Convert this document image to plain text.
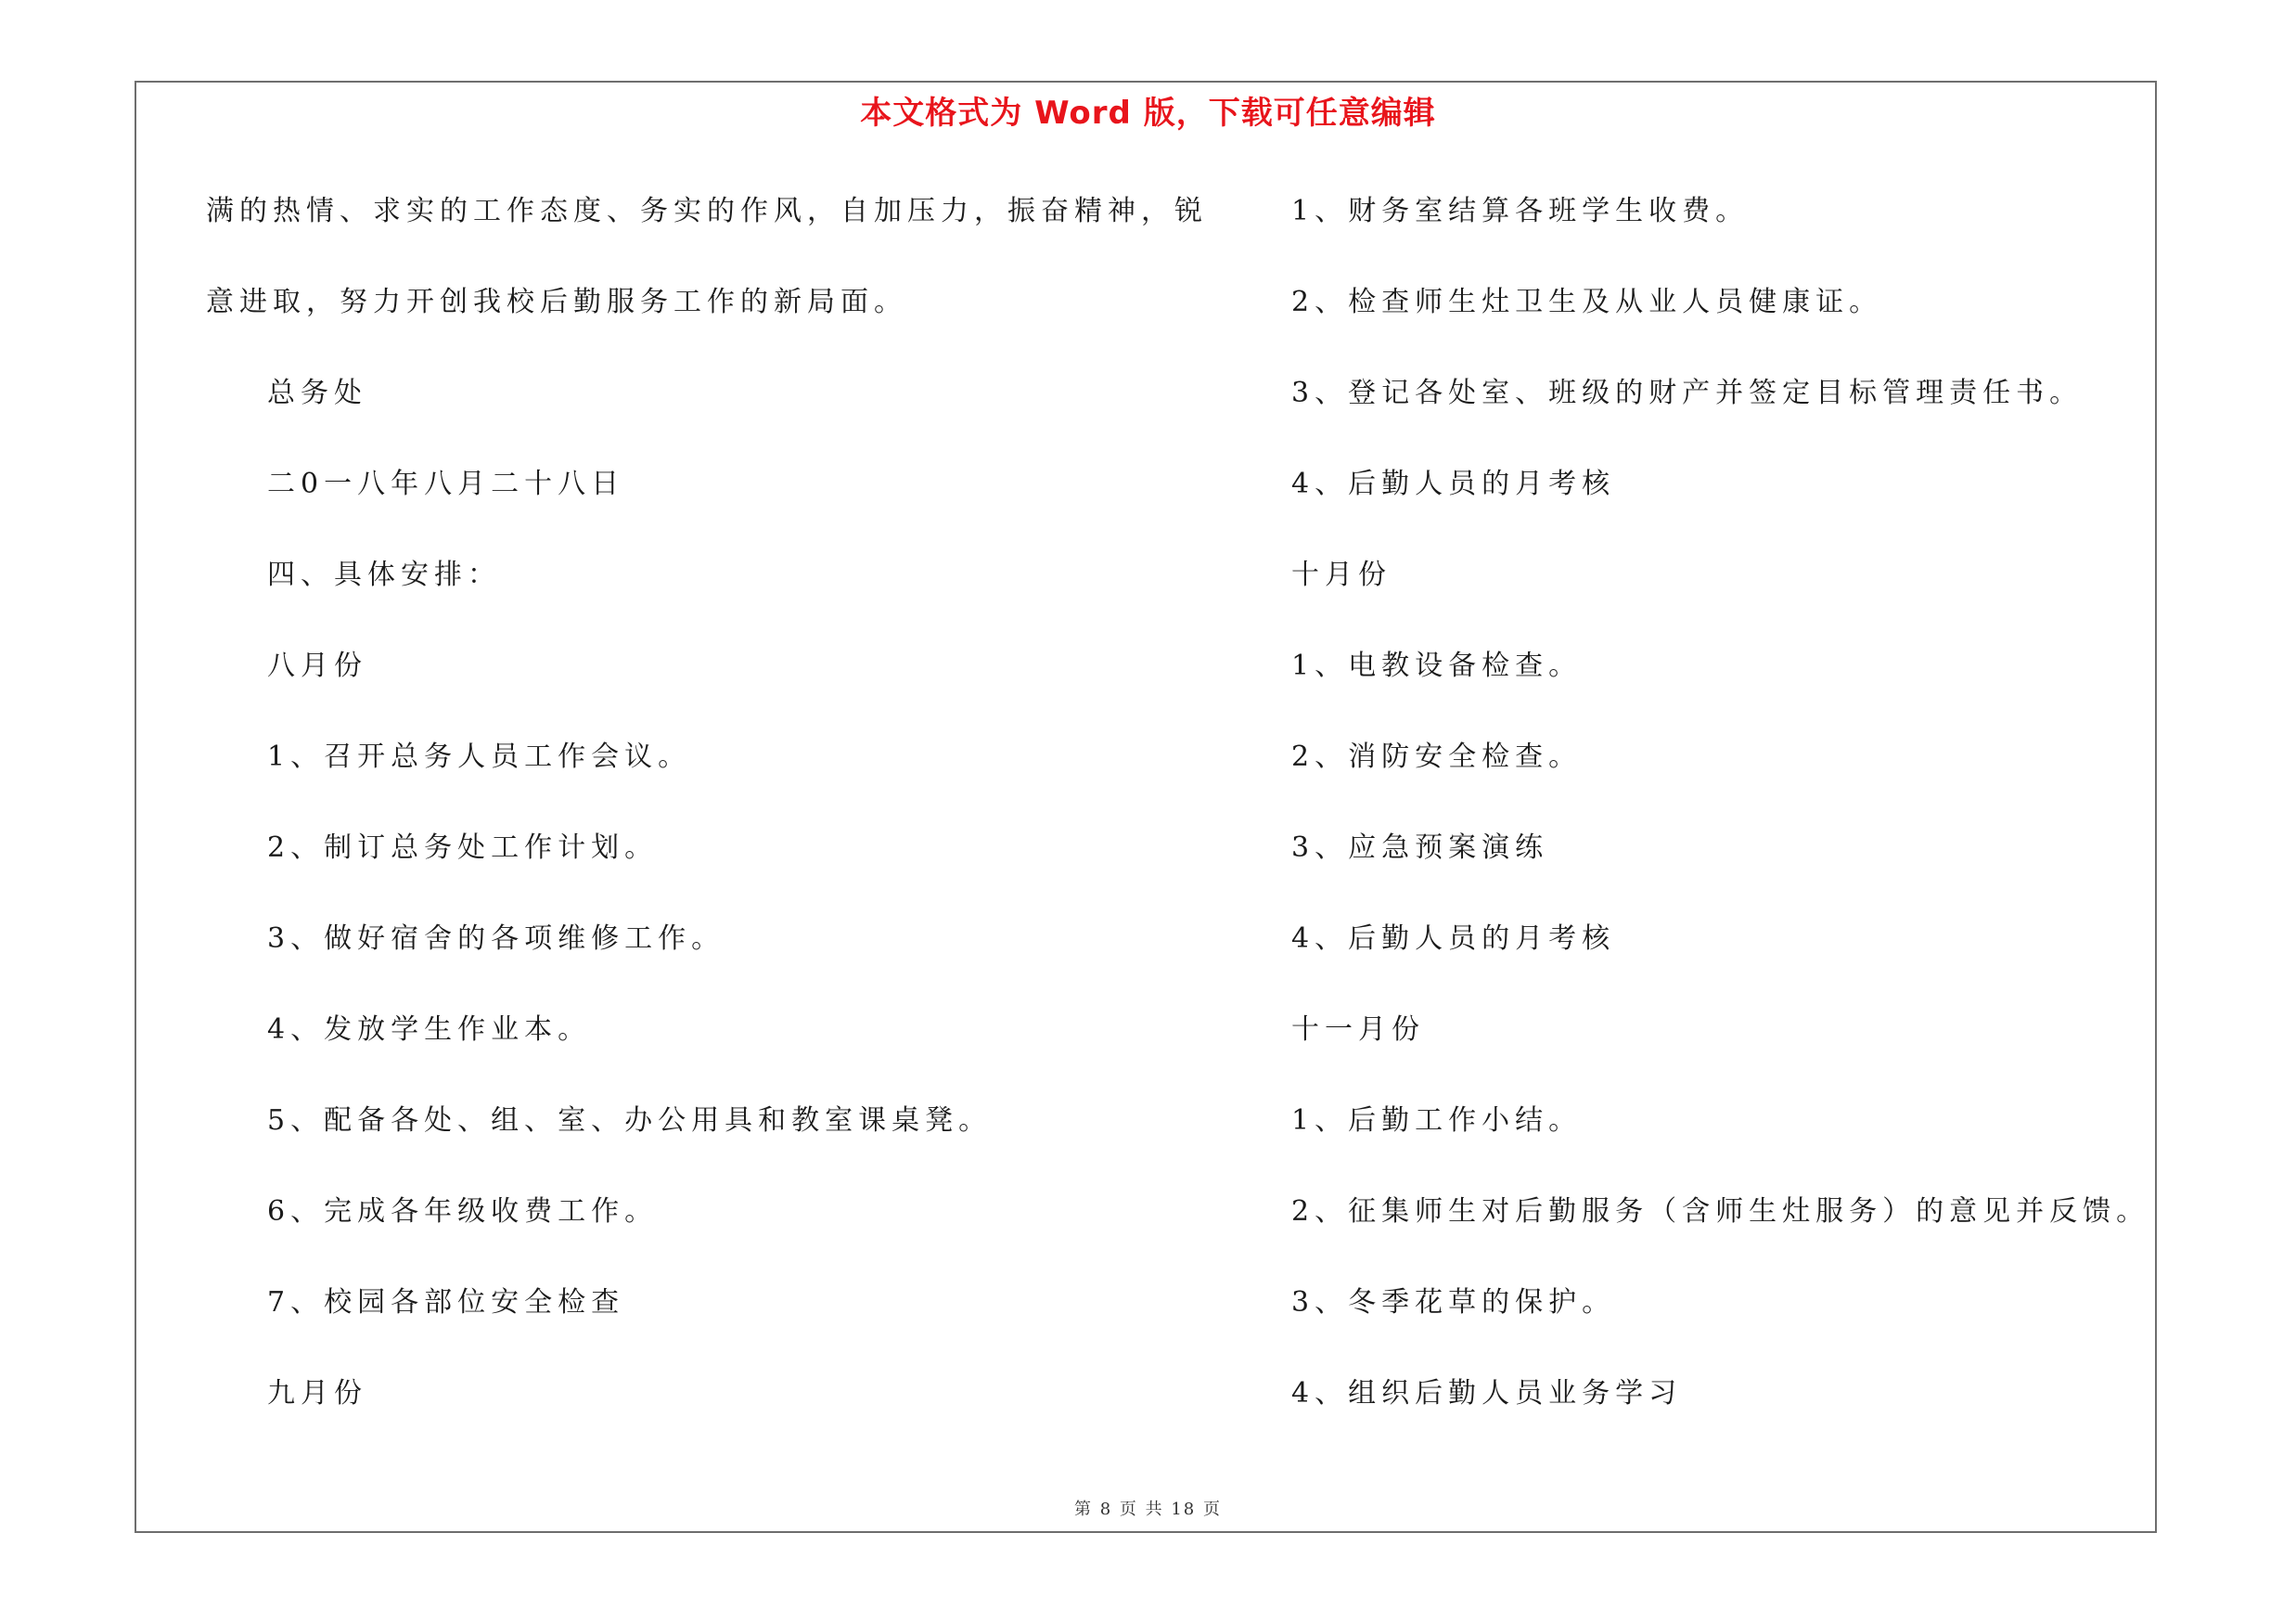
本文格式为 Word 版，下载可任意编辑
满的热情、求实的工作态度、务实的作风，自加压力，振奋精神，锐
意进取，努力开创我校后勤服务工作的新局面。
总务处
二0一八年八月二十八日
四、具体安排：
八月份
1、召开总务人员工作会议。
2、制订总务处工作计划。
3、做好宿舍的各项维修工作。
4、发放学生作业本。
5、配备各处、组、室、办公用具和教室课桌凳。
6、完成各年级收费工作。
7、校园各部位安全检查
九月份
1、财务室结算各班学生收费。
2、检查师生灶卫生及从业人员健康证。
3、登记各处室、班级的财产并签定目标管理责任书。
4、后勤人员的月考核
十月份
1、电教设备检查。
2、消防安全检查。
3、应急预案演练
4、后勤人员的月考核
十一月份
1、后勤工作小结。
2、征集师生对后勤服务（含师生灶服务）的意见并反馈。
3、冬季花草的保护。
4、组织后勤人员业务学习
第 8 页 共 18 页
